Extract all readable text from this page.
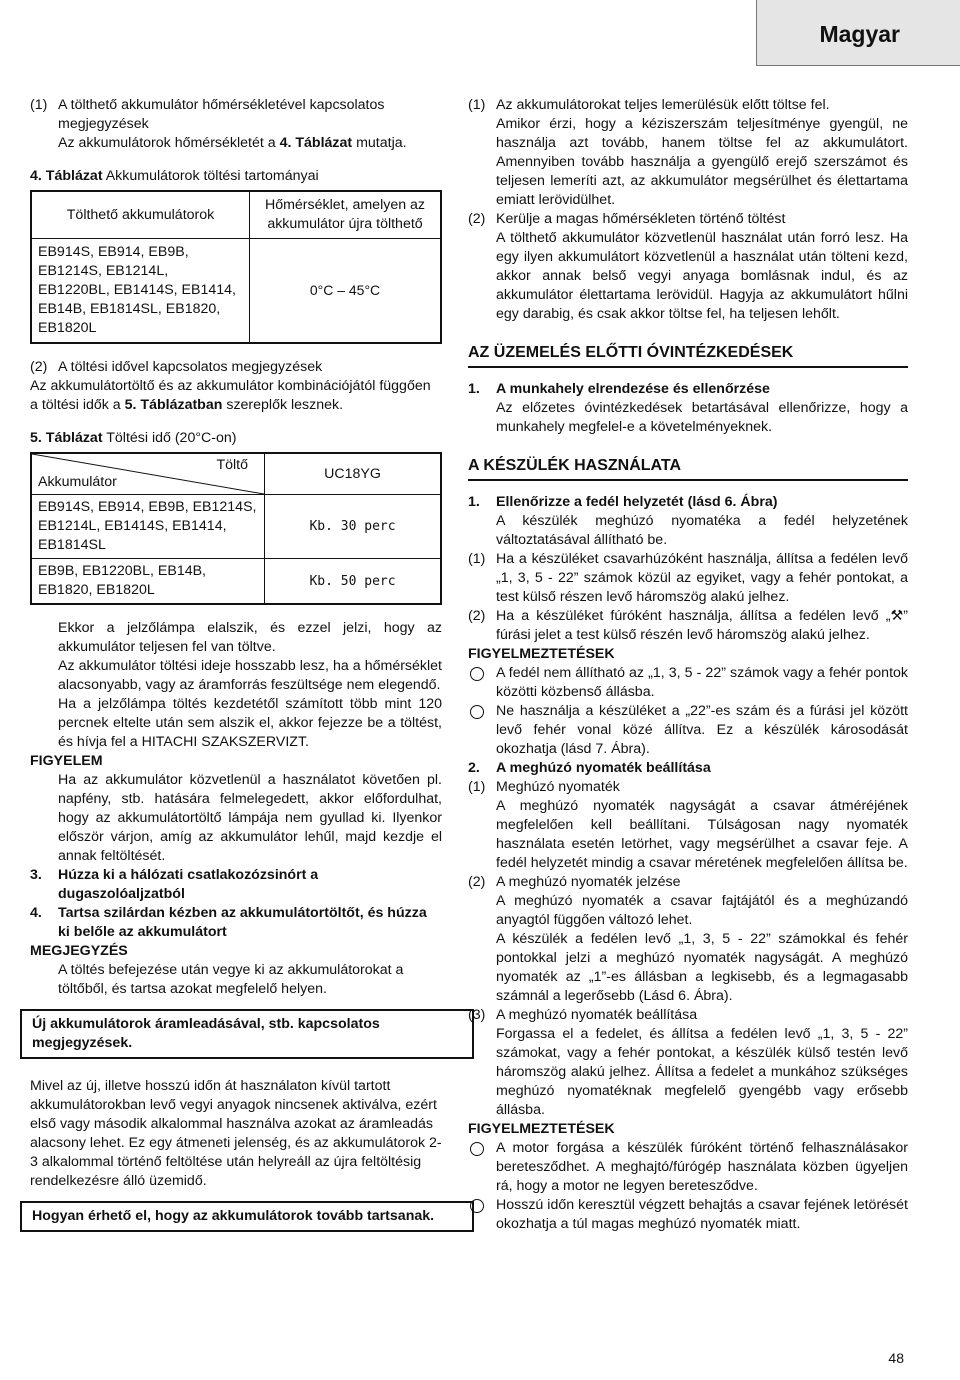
Magyar
(1) A tölthető akkumulátor hőmérsékletével kapcsolatos megjegyzések

Az akkumulátorok hőmérsékletét a 4. Táblázat mutatja.

4. Táblázat Akkumulátorok töltési tartományai

Tölthető akkumulátorok	Hőmérséklet, amelyen az akkumulátor újra tölthető
EB914S, EB914, EB9B, EB1214S, EB1214L, EB1220BL, EB1414S, EB1414, EB14B, EB1814SL, EB1820, EB1820L	0°C – 45°C
(2) A töltési idővel kapcsolatos megjegyzések

Az akkumulátortöltő és az akkumulátor kombinációjától függően a töltési idők a 5. Táblázatban szereplők lesznek.

5. Táblázat Töltési idő (20°C-on)

Töltő
Akkumulátor	UC18YG
EB914S, EB914, EB9B, EB1214S, EB1214L, EB1414S, EB1414, EB1814SL	Kb. 30 perc
EB9B, EB1220BL, EB14B, EB1820, EB1820L	Kb. 50 perc

Ekkor a jelzőlámpa elalszik, és ezzel jelzi, hogy az akkumulátor teljesen fel van töltve.

Az akkumulátor töltési ideje hosszabb lesz, ha a hőmérséklet alacsonyabb, vagy az áramforrás feszültsége nem elegendő.

Ha a jelzőlámpa töltés kezdetétől számított több mint 120 percnek eltelte után sem alszik el, akkor fejezze be a töltést, és hívja fel a HITACHI SZAKSZERVIZT.

FIGYELEM

Ha az akkumulátor közvetlenül a használatot követően pl. napfény, stb. hatására felmelegedett, akkor előfordulhat, hogy az akkumulátortöltő lámpája nem gyullad ki. Ilyenkor először várjon, amíg az akkumulátor lehűl, majd kezdje el annak feltöltését.

3. Húzza ki a hálózati csatlakozózsinórt a dugaszolóaljzatból

4. Tartsa szilárdan kézben az akkumulátortöltőt, és húzza ki belőle az akkumulátort

MEGJEGYZÉS

A töltés befejezése után vegye ki az akkumulátorokat a töltőből, és tartsa azokat megfelelő helyen.

Új akkumulátorok áramleadásával, stb. kapcsolatos megjegyzések.

Mivel az új, illetve hosszú időn át használaton kívül tartott akkumulátorokban levő vegyi anyagok nincsenek aktiválva, ezért első vagy második alkalommal használva azokat az áramleadás alacsony lehet. Ez egy átmeneti jelenség, és az akkumulátorok 2-3 alkalommal történő feltöltése után helyreáll az újra feltöltésig rendelkezésre álló üzemidő.

Hogyan érhető el, hogy az akkumulátorok tovább tartsanak.
(1) Az akkumulátorokat teljes lemerülésük előtt töltse fel.

Amikor érzi, hogy a kéziszerszám teljesítménye gyengül, ne használja azt tovább, hanem töltse fel az akkumulátort. Amennyiben tovább használja a gyengülő erejő szerszámot és teljesen lemeríti azt, az akkumulátor megsérülhet és élettartama emiatt lerövidülhet.

(2) Kerülje a magas hőmérsékleten történő töltést

A tölthető akkumulátor közvetlenül használat után forró lesz. Ha egy ilyen akkumulátort közvetlenül a használat után tölteni kezd, akkor annak belső vegyi anyaga bomlásnak indul, és az akkumulátor élettartama lerövidül. Hagyja az akkumulátort hűlni egy darabig, és csak akkor töltse fel, ha teljesen lehőlt.

AZ ÜZEMELÉS ELŐTTI ÓVINTÉZKEDÉSEK
1. A munkahely elrendezése és ellenőrzése

Az előzetes óvintézkedések betartásával ellenőrizze, hogy a munkahely megfelel-e a követelményeknek.

A KÉSZÜLÉK HASZNÁLATA
1. Ellenőrizze a fedél helyzetét (lásd 6. Ábra)

A készülék meghúzó nyomatéka a fedél helyzetének változtatásával állítható be.

(1) Ha a készüléket csavarhúzóként használja, állítsa a fedélen levő „1, 3, 5 - 22” számok közül az egyiket, vagy a fehér pontokat, a test külső részen levő háromszög alakú jelhez.

(2) Ha a készüléket fúróként használja, állítsa a fedélen levő „⚒” fúrási jelet a test külső részén levő háromszög alakú jelhez.

FIGYELMEZTETÉSEK

A fedél nem állítható az „1, 3, 5 - 22” számok vagy a fehér pontok közötti közbenső állásba.

Ne használja a készüléket a „22”-es szám és a fúrási jel között levő fehér vonal közé állítva. Ez a készülék károsodását okozhatja (lásd 7. Ábra).

2. A meghúzó nyomaték beállítása

(1) Meghúzó nyomaték

A meghúzó nyomaték nagyságát a csavar átméréjének megfelelően kell beállítani. Túlságosan nagy nyomaték használata esetén letörhet, vagy megsérülhet a csavar feje. A fedél helyzetét mindig a csavar méretének megfelelően állítsa be.

(2) A meghúzó nyomaték jelzése

A meghúzó nyomaték a csavar fajtájától és a meghúzandó anyagtól függően változó lehet.

A készülék a fedélen levő „1, 3, 5 - 22” számokkal és fehér pontokkal jelzi a meghúzó nyomaték nagyságát. A meghúzó nyomaték az „1”-es állásban a legkisebb, és a legmagasabb számnál a legerősebb (Lásd 6. Ábra).

(3) A meghúzó nyomaték beállítása

Forgassa el a fedelet, és állítsa a fedélen levő „1, 3, 5 - 22” számokat, vagy a fehér pontokat, a készülék külső testén levő háromszög alakú jelhez. Állítsa a fedelet a munkához szükséges meghúzó nyomatéknak megfelelő gyengébb vagy erősebb állásba.

FIGYELMEZTETÉSEK

A motor forgása a készülék fúróként történő felhasználásakor beretesződhet. A meghajtó/fúrógép használata közben ügyeljen rá, hogy a motor ne legyen beretesződve.

Hosszú időn keresztül végzett behajtás a csavar fejének letörését okozhatja a túl magas meghúzó nyomaték miatt.

48
